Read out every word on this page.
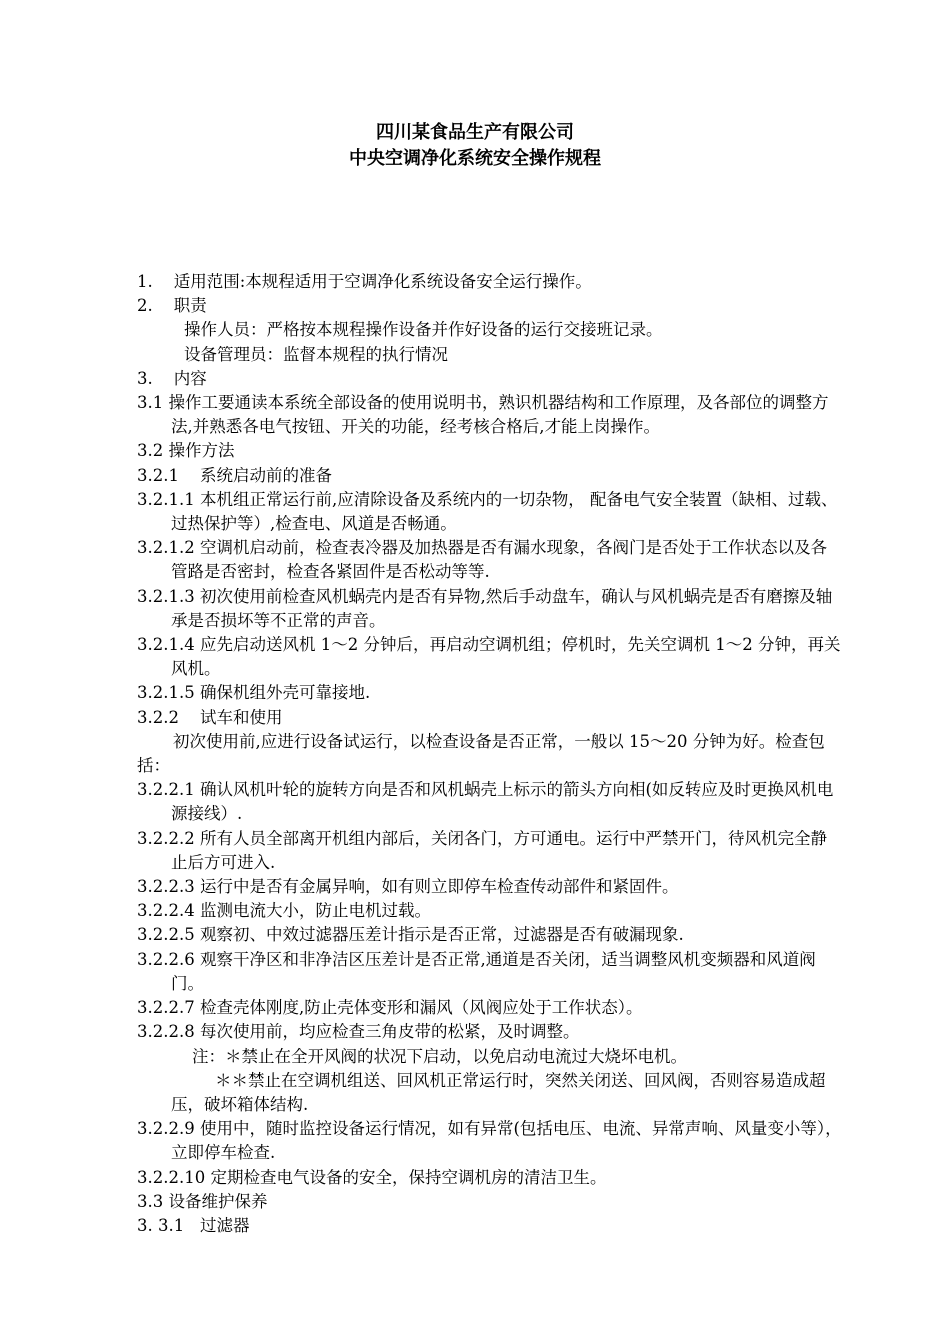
四川某食品生产有限公司
中央空调净化系统安全操作规程

1.    适用范围:本规程适用于空调净化系统设备安全运行操作。

2.    职责

操作人员：严格按本规程操作设备并作好设备的运行交接班记录。

设备管理员：监督本规程的执行情况

3.    内容

3.1 操作工要通读本系统全部设备的使用说明书，熟识机器结构和工作原理，及各部位的调整方法,并熟悉各电气按钮、开关的功能，经考核合格后,才能上岗操作。

3.2 操作方法

3.2.1    系统启动前的准备

3.2.1.1 本机组正常运行前,应清除设备及系统内的一切杂物， 配备电气安全装置（缺相、过载、过热保护等）,检查电、风道是否畅通。

3.2.1.2 空调机启动前，检查表冷器及加热器是否有漏水现象，各阀门是否处于工作状态以及各管路是否密封，检查各紧固件是否松动等等.

3.2.1.3 初次使用前检查风机蜗壳内是否有异物,然后手动盘车，确认与风机蜗壳是否有磨擦及轴承是否损坏等不正常的声音。

3.2.1.4 应先启动送风机 1～2 分钟后，再启动空调机组；停机时，先关空调机 1～2 分钟，再关风机。

3.2.1.5 确保机组外壳可靠接地.

3.2.2    试车和使用

初次使用前,应进行设备试运行，以检查设备是否正常，一般以 15～20 分钟为好。检查包括：

3.2.2.1 确认风机叶轮的旋转方向是否和风机蜗壳上标示的箭头方向相(如反转应及时更换风机电源接线）.

3.2.2.2 所有人员全部离开机组内部后，关闭各门，方可通电。运行中严禁开门，待风机完全静止后方可进入.

3.2.2.3 运行中是否有金属异响，如有则立即停车检查传动部件和紧固件。

3.2.2.4 监测电流大小，防止电机过载。

3.2.2.5 观察初、中效过滤器压差计指示是否正常，过滤器是否有破漏现象.

3.2.2.6 观察干净区和非净洁区压差计是否正常,通道是否关闭，适当调整风机变频器和风道阀门。

3.2.2.7 检查壳体刚度,防止壳体变形和漏风（风阀应处于工作状态）。

3.2.2.8 每次使用前，均应检查三角皮带的松紧，及时调整。

注：＊禁止在全开风阀的状况下启动，以免启动电流过大烧坏电机。

＊＊禁止在空调机组送、回风机正常运行时，突然关闭送、回风阀，否则容易造成超压，破坏箱体结构.

3.2.2.9 使用中，随时监控设备运行情况，如有异常(包括电压、电流、异常声响、风量变小等），立即停车检查.

3.2.2.10 定期检查电气设备的安全，保持空调机房的清洁卫生。

3.3 设备维护保养

3. 3.1   过滤器
